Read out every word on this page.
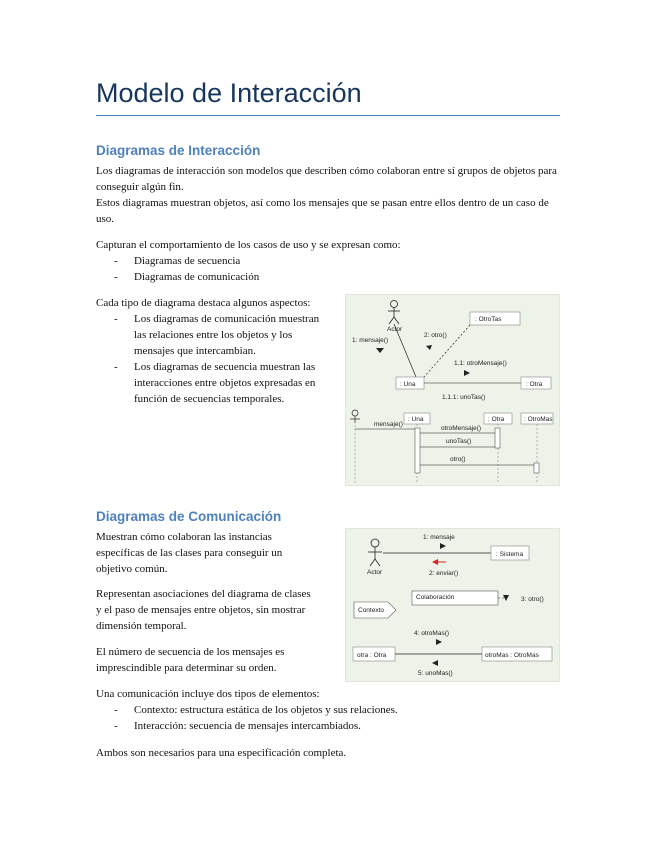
Modelo de Interacción
Diagramas de Interacción

Los diagramas de interacción son modelos que describen cómo colaboran entre sí grupos de objetos para conseguir algún fin.

Estos diagramas muestran objetos, así como los mensajes que se pasan entre ellos dentro de un caso de uso.

Capturan el comportamiento de los casos de uso y se expresan como:

- Diagramas de secuencia
- Diagramas de comunicación

Cada tipo de diagrama destaca algunos aspectos:

- Los diagramas de comunicación muestran las relaciones entre los objetos y los mensajes que intercambian.
- Los diagramas de secuencia muestran las interacciones entre objetos expresadas en función de secuencias temporales.
Actor
1: mensaje()
2: otro()
: OtroTas
1.1: otroMensaje()
: Una	: Otra
1.1.1: unoTas()
: Una	: Otra	: OtroMas
mensaje()
otroMensaje()
unoTas()
otro()
Diagramas de Comunicación

Muestran cómo colaboran las instancias específicas de las clases para conseguir un objetivo común.

Representan asociaciones del diagrama de clases y el paso de mensajes entre objetos, sin mostrar dimensión temporal.

El número de secuencia de los mensajes es imprescindible para determinar su orden.

Actor
1: mensaje
: Sistema
2: enviar()
Colaboración	3: otro()
Contexto
4: otroMas()
otra : Otra	otroMas : OtroMas
5: unoMas()

Una comunicación incluye dos tipos de elementos:

- Contexto: estructura estática de los objetos y sus relaciones.
- Interacción: secuencia de mensajes intercambiados.

Ambos son necesarios para una especificación completa.
